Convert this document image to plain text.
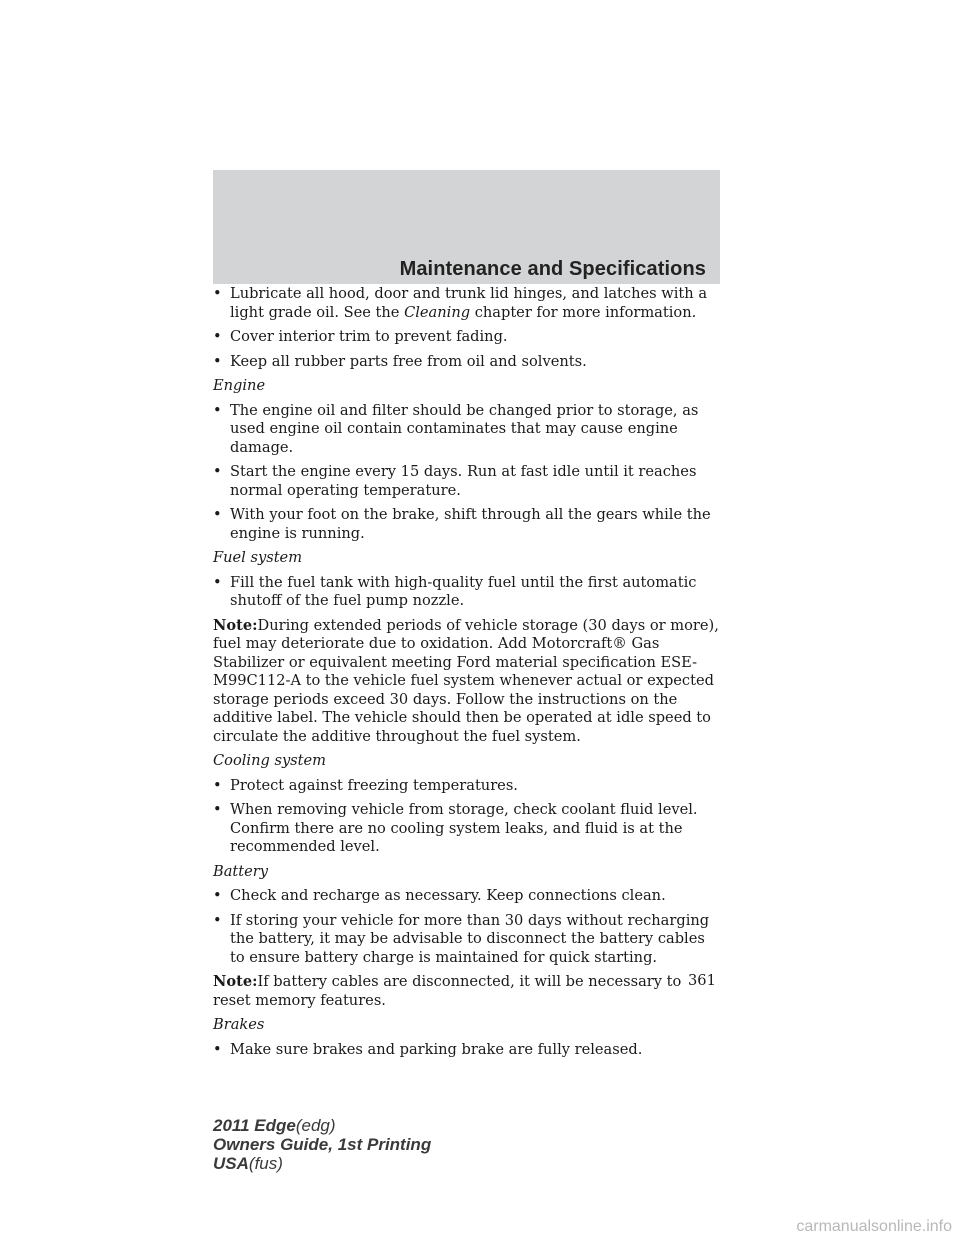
Maintenance and Specifications
• Lubricate all hood, door and trunk lid hinges, and latches with a light grade oil. See the Cleaning chapter for more information.
• Cover interior trim to prevent fading.
• Keep all rubber parts free from oil and solvents.
Engine
• The engine oil and filter should be changed prior to storage, as used engine oil contain contaminates that may cause engine damage.
• Start the engine every 15 days. Run at fast idle until it reaches normal operating temperature.
• With your foot on the brake, shift through all the gears while the engine is running.
Fuel system
• Fill the fuel tank with high-quality fuel until the first automatic shutoff of the fuel pump nozzle.
Note:During extended periods of vehicle storage (30 days or more), fuel may deteriorate due to oxidation. Add Motorcraft® Gas Stabilizer or equivalent meeting Ford material specification ESE-M99C112-A to the vehicle fuel system whenever actual or expected storage periods exceed 30 days. Follow the instructions on the additive label. The vehicle should then be operated at idle speed to circulate the additive throughout the fuel system.
Cooling system
• Protect against freezing temperatures.
• When removing vehicle from storage, check coolant fluid level. Confirm there are no cooling system leaks, and fluid is at the recommended level.
Battery
• Check and recharge as necessary. Keep connections clean.
• If storing your vehicle for more than 30 days without recharging the battery, it may be advisable to disconnect the battery cables to ensure battery charge is maintained for quick starting.
Note:If battery cables are disconnected, it will be necessary to reset memory features.
Brakes
• Make sure brakes and parking brake are fully released.
361
2011 Edge(edg)
Owners Guide, 1st Printing
USA(fus)
carmanualsonline.info
